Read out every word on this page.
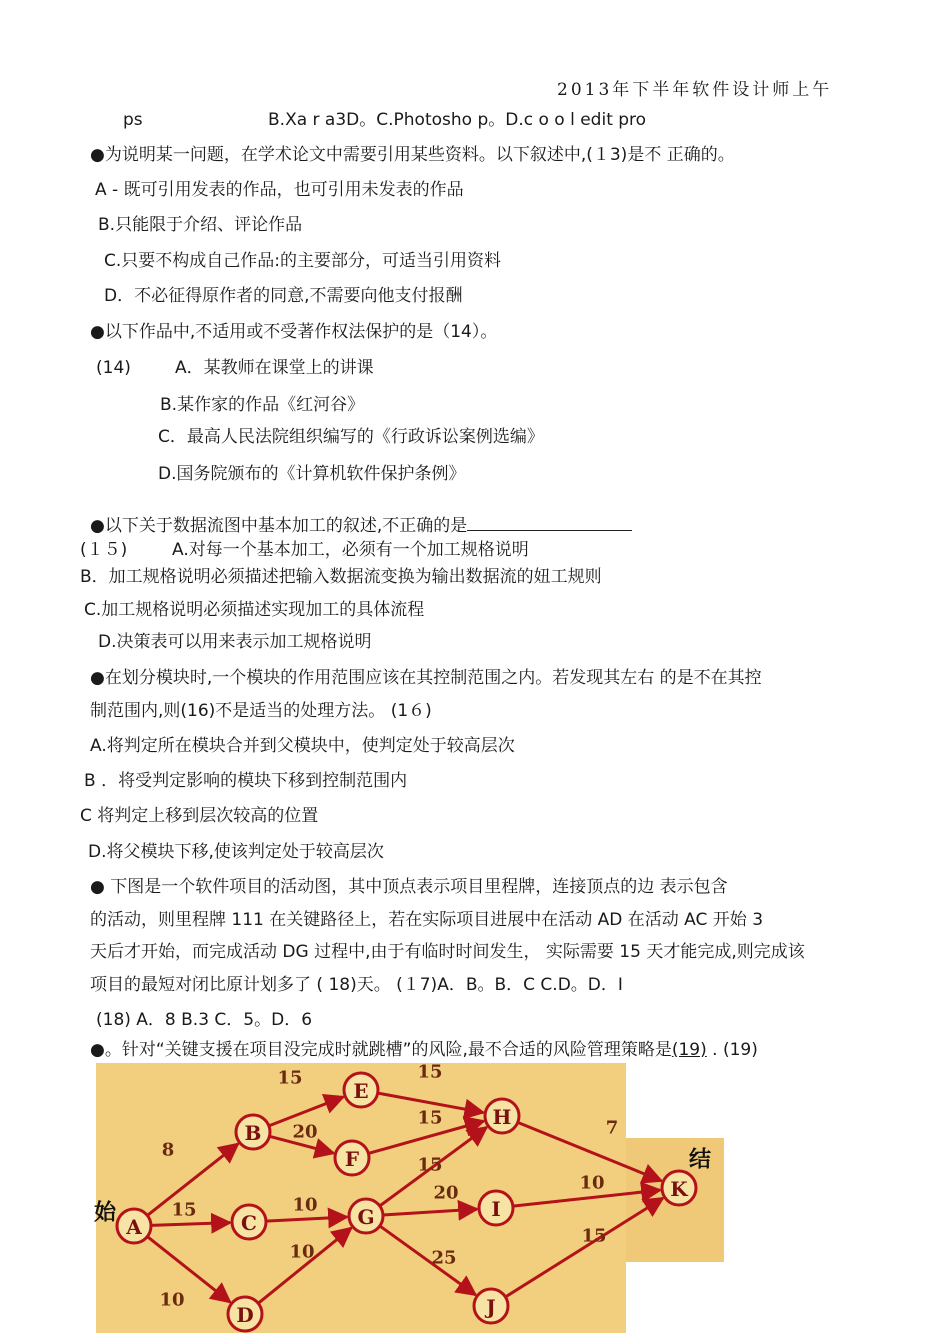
2013年下半年软件设计师上午
ps	B.Xa r a3D。C.Photosho p。D.c o o l edit pro
●为说明某一问题，在学术论文中需要引用某些资料。以下叙述中,(１3)是不 正确的。
A - 既可引用发表的作品，也可引用未发表的作品
B.只能限于介绍、评论作品
C.只要不构成自己作品:的主要部分，可适当引用资料
D．不必征得原作者的同意,不需要向他支付报酬
●以下作品中,不适用或不受著作权法保护的是（14）。
(14)	A．某教师在课堂上的讲课
B.某作家的作品《红河谷》
C．最高人民法院组织编写的《行政诉讼案例选编》
D.国务院颁布的《计算机软件保护条例》
●以下关于数据流图中基本加工的叙述,不正确的是
(１５)	A.对每一个基本加工，必须有一个加工规格说明
B．加工规格说明必须描述把输入数据流变换为输出数据流的妞工规则
C.加工规格说明必须描述实现加工的具体流程
D.决策表可以用来表示加工规格说明
●在划分模块时,一个模块的作用范围应该在其控制范围之内。若发现其左右 的是不在其控
制范围内,则(16)不是适当的处理方法。 (1６)
A.将判定所在模块合并到父模块中，使判定处于较高层次
B ．将受判定影响的模块下移到控制范围内
C 将判定上移到层次较高的位置
D.将父模块下移,使该判定处于较高层次
● 下图是一个软件项目的活动图，其中顶点表示项目里程牌，连接顶点的边 表示包含
的活动，则里程牌 111 在关键路径上，若在实际项目进展中在活动 AD 在活动 AC 开始 3
天后才开始，而完成活动 DG 过程中,由于有临时时间发生， 实际需要 15 天才能完成,则完成该
项目的最短对闭比原计划多了 ( 18)天。 (１7)A．B。B．C C.D。D．I
(18) A．8 B.3 C．5。D．6
●。针对“关键支援在项目没完成时就跳槽”的风险,最不合适的风险管理策略是(19) . (19)
8
15
10
15
20
10
10
15
15
15
20
25
7
10
15
A
B
C
D
E
F
G
H
I
J
K
始
结
